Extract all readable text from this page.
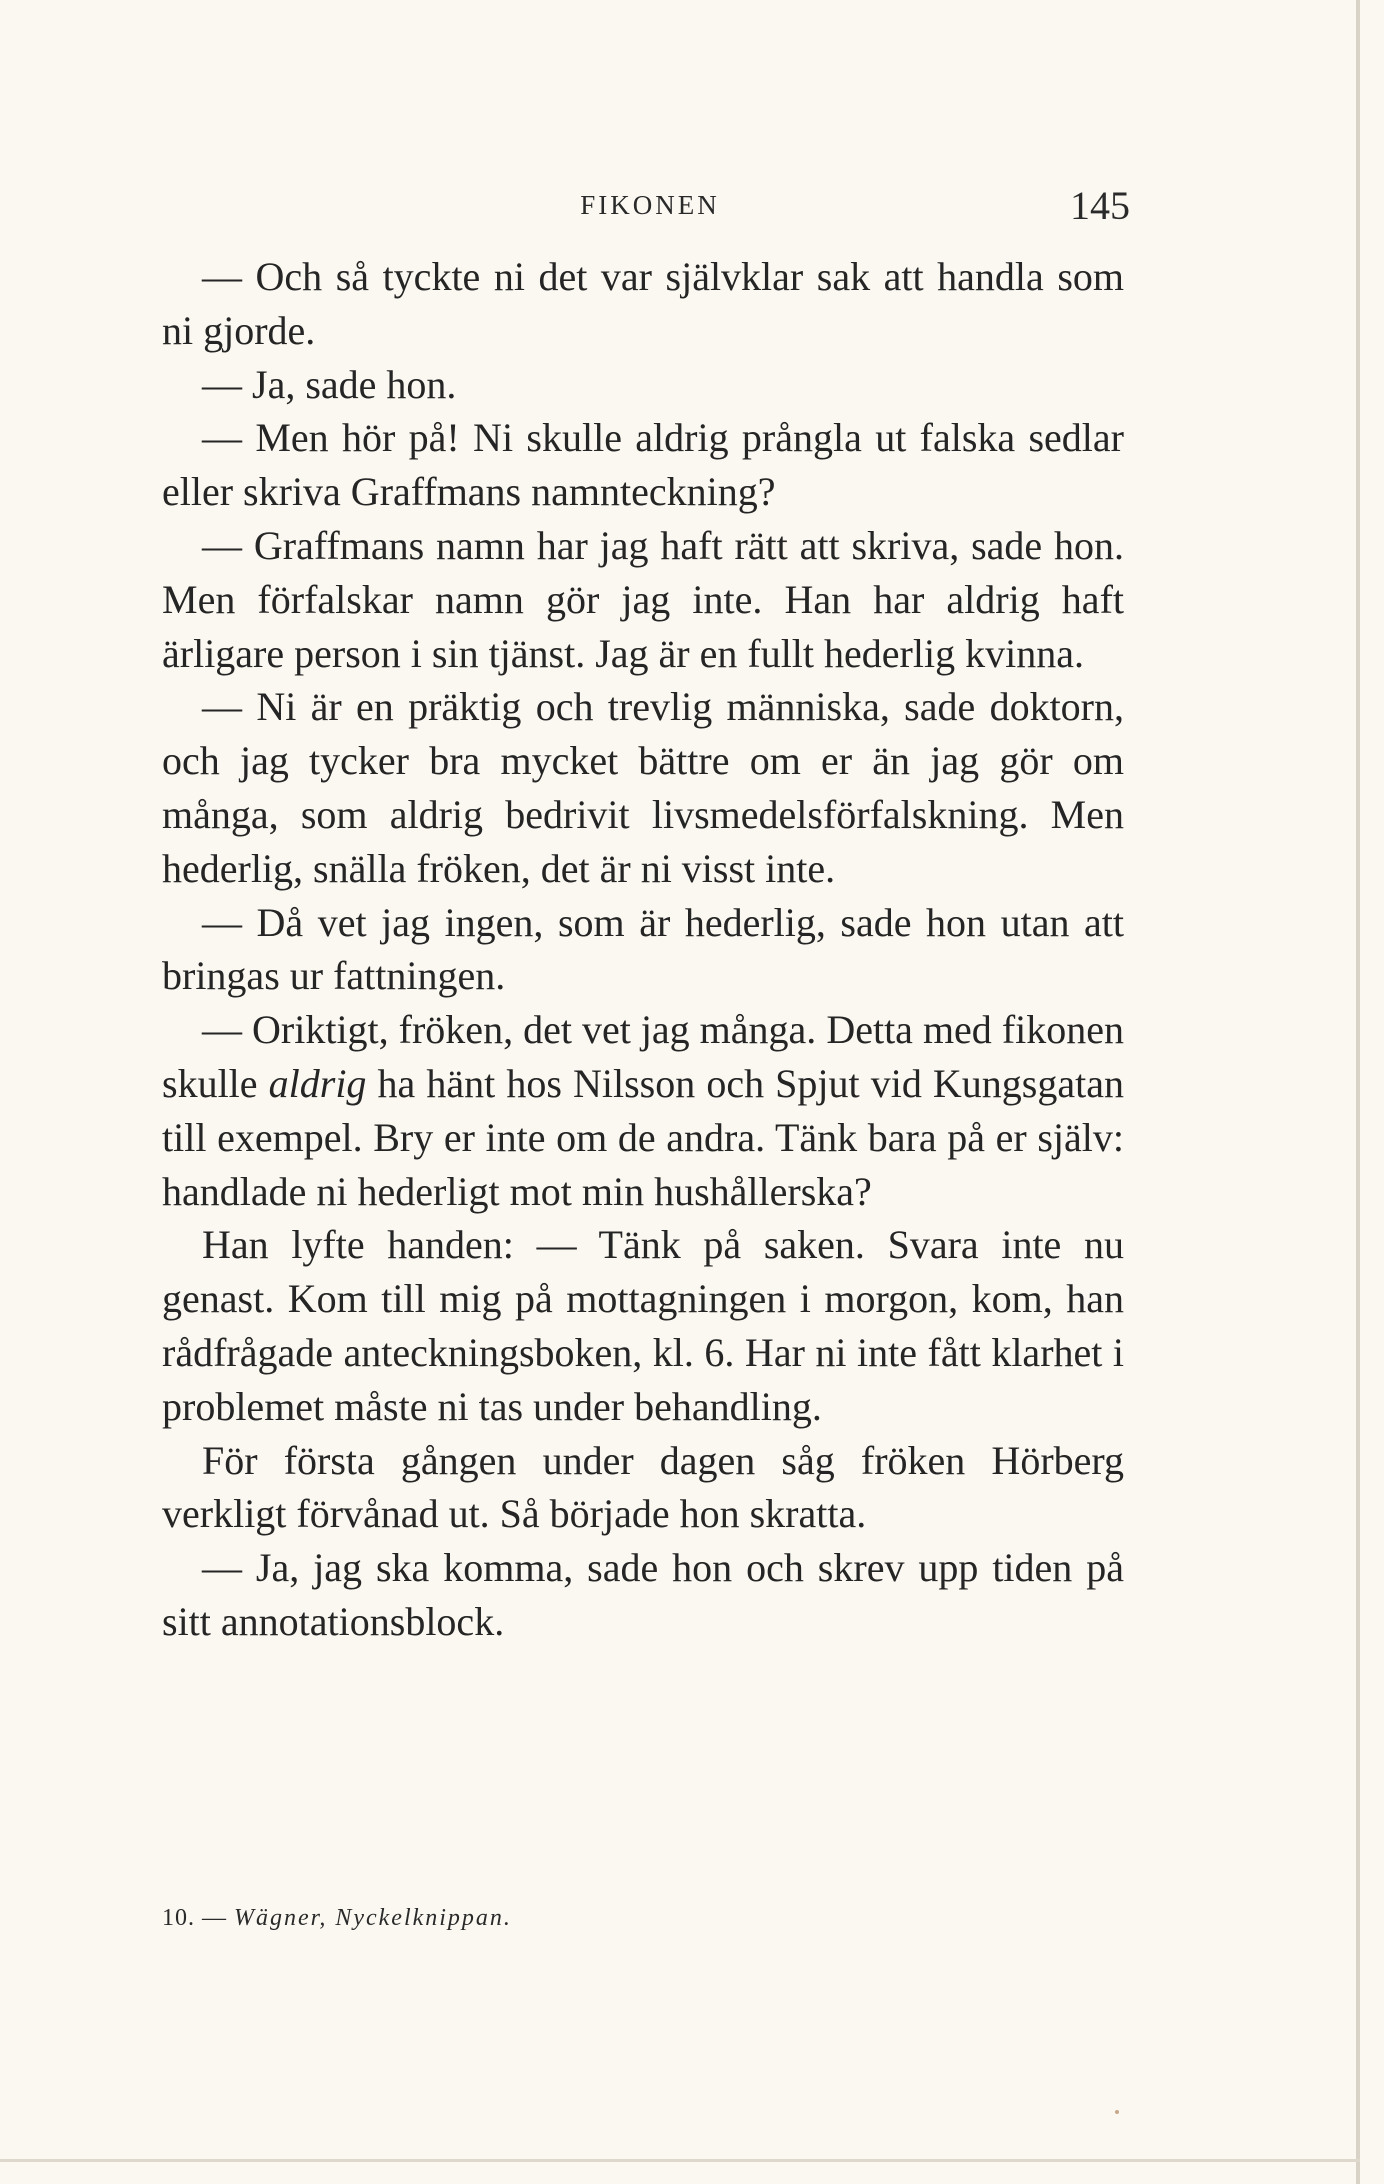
FIKONEN	145

— Och så tyckte ni det var självklar sak att handla som ni gjorde.

— Ja, sade hon.

— Men hör på! Ni skulle aldrig prångla ut falska sedlar eller skriva Graffmans namnteckning?

— Graffmans namn har jag haft rätt att skriva, sade hon. Men förfalskar namn gör jag inte. Han har aldrig haft ärligare person i sin tjänst. Jag är en fullt hederlig kvinna.

— Ni är en präktig och trevlig människa, sade doktorn, och jag tycker bra mycket bättre om er än jag gör om många, som aldrig bedrivit livsmedelsförfalskning. Men hederlig, snälla fröken, det är ni visst inte.

— Då vet jag ingen, som är hederlig, sade hon utan att bringas ur fattningen.

— Oriktigt, fröken, det vet jag många. Detta med fikonen skulle aldrig ha hänt hos Nilsson och Spjut vid Kungsgatan till exempel. Bry er inte om de andra. Tänk bara på er själv: handlade ni hederligt mot min hushållerska?

Han lyfte handen: — Tänk på saken. Svara inte nu genast. Kom till mig på mottagningen i morgon, kom, han rådfrågade anteckningsboken, kl. 6. Har ni inte fått klarhet i problemet måste ni tas under behandling.

För första gången under dagen såg fröken Hörberg verkligt förvånad ut. Så började hon skratta.

— Ja, jag ska komma, sade hon och skrev upp tiden på sitt annotationsblock.

10. — Wägner, Nyckelknippan.
